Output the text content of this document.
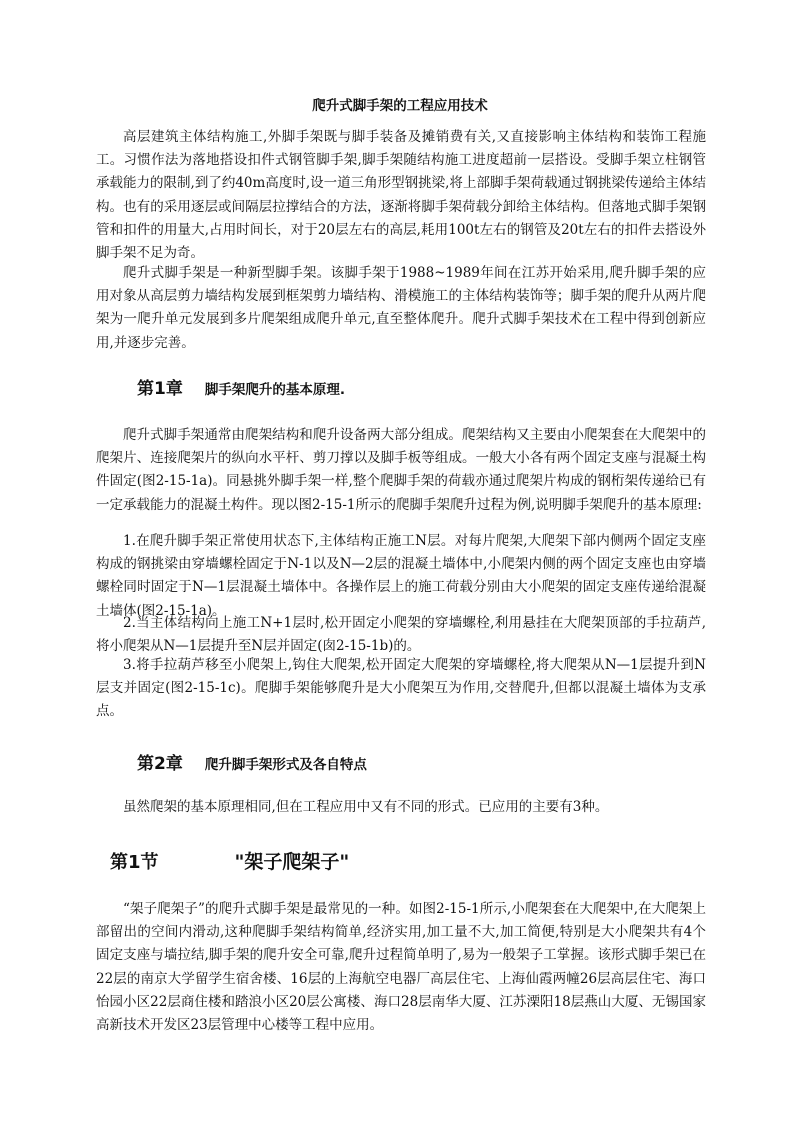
爬升式脚手架的工程应用技术

高层建筑主体结构施工,外脚手架既与脚手装备及摊销费有关,又直接影响主体结构和装饰工程施工。习惯作法为落地搭设扣件式钢管脚手架,脚手架随结构施工进度超前一层搭设。受脚手架立柱钢管承载能力的限制,到了约40m高度时,设一道三角形型钢挑梁,将上部脚手架荷载通过钢挑梁传递给主体结构。也有的采用逐层或间隔层拉撑结合的方法，逐渐将脚手架荷载分卸给主体结构。但落地式脚手架钢管和扣件的用量大,占用时间长，对于20层左右的高层,耗用100t左右的钢管及20t左右的扣件去搭设外脚手架不足为奇。

爬升式脚手架是一种新型脚手架。该脚手架于1988~1989年间在江苏开始采用,爬升脚手架的应用对象从高层剪力墙结构发展到框架剪力墙结构、滑模施工的主体结构装饰等；脚手架的爬升从两片爬架为一爬升单元发展到多片爬架组成爬升单元,直至整体爬升。爬升式脚手架技术在工程中得到创新应用,并逐步完善。

第1章 脚手架爬升的基本原理.

爬升式脚手架通常由爬架结构和爬升设备两大部分组成。爬架结构又主要由小爬架套在大爬架中的爬架片、连接爬架片的纵向水平杆、剪刀撑以及脚手板等组成。一般大小各有两个固定支座与混凝土构件固定(图2-15-1a)。同悬挑外脚手架一样,整个爬脚手架的荷载亦通过爬架片构成的钢桁架传递给已有一定承载能力的混凝土构件。现以图2-15-1所示的爬脚手架爬升过程为例,说明脚手架爬升的基本原理:

1.在爬升脚手架正常使用状态下,主体结构正施工N层。对每片爬架,大爬架下部内侧两个固定支座构成的钢挑梁由穿墙螺栓固定于N-1以及N—2层的混凝土墙体中,小爬架内侧的两个固定支座也由穿墙螺栓同时固定于N—1层混凝土墙体中。各操作层上的施工荷载分别由大小爬架的固定支座传递给混凝土墙体(图2-15-1a)。

2.当主体结构向上施工N+1层时,松开固定小爬架的穿墙螺栓,利用悬挂在大爬架顶部的手拉葫芦,将小爬架从N—1层提升至N层并固定(囱2-15-1b)的。

3.将手拉葫芦移至小爬架上,钩住大爬架,松开固定大爬架的穿墙螺栓,将大爬架从N—1层提升到N层支并固定(图2-15-1c)。爬脚手架能够爬升是大小爬架互为作用,交替爬升,但都以混凝土墙体为支承点。

第2章 爬升脚手架形式及各自特点

虽然爬架的基本原理相同,但在工程应用中又有不同的形式。已应用的主要有3种。

第1节	"架子爬架子"

“架子爬架子”的爬升式脚手架是最常见的一种。如图2-15-1所示,小爬架套在大爬架中,在大爬架上部留出的空间内滑动,这种爬脚手架结构简单,经济实用,加工量不大,加工简便,特别是大小爬架共有4个固定支座与墙拉结,脚手架的爬升安全可靠,爬升过程简单明了,易为一般架子工掌握。该形式脚手架已在22层的南京大学留学生宿舍楼、16层的上海航空电器厂高层住宅、上海仙霞两幢26层高层住宅、海口怡园小区22层商住楼和踏浪小区20层公寓楼、海口28层南华大厦、江苏溧阳18层燕山大厦、无锡国家高新技术开发区23层管理中心楼等工程中应用。
